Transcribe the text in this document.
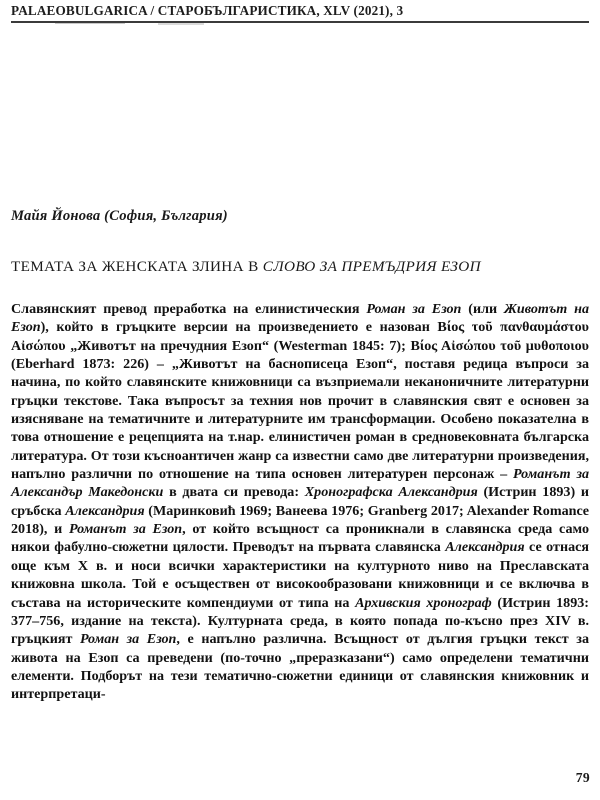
PALAEOBULGARICA / СТАРОБЪЛГАРИСТИКА, XLV (2021), 3
Майя Йонова (София, България)
ТЕМАТА ЗА ЖЕНСКАТА ЗЛИНА В СЛОВО ЗА ПРЕМЪДРИЯ ЕЗОП
Славянският превод преработка на елинистическия Роман за Езоп (или Животът на Езоп), който в гръцките версии на произведението е назован Βίος τοῦ πανθαυμάστου Αἰσώπου „Животът на пречудния Езоп“ (Westerman 1845: 7); Βίος Αἰσώπου τοῦ μυθοποιου (Eberhard 1873: 226) – „Животът на баснописеца Езоп“, поставя редица въпроси за начина, по който славянските книжовници са възприемали неканоничните литературни гръцки текстове. Така въпросът за техния нов прочит в славянския свят е основен за изясняване на тематичните и литературните им трансформации. Особено показателна в това отношение е рецепцията на т.нар. елинистичен роман в средновековната българска литература. От този късноантичен жанр са известни само две литературни произведения, напълно различни по отношение на типа основен литературен персонаж – Романът за Александър Македонски в двата си превода: Хронографска Александрия (Истрин 1893) и сръбска Александрия (Маринковић 1969; Ванеева 1976; Granberg 2017; Alexander Romance 2018), и Романът за Езоп, от който всъщност са проникнали в славянска среда само някои фабулно-сюжетни цялости. Преводът на първата славянска Александрия се отнася още към Х в. и носи всички характеристики на културното ниво на Преславската книжовна школа. Той е осъществен от високообразовани книжовници и се включва в състава на историческите компендиуми от типа на Архивския хронограф (Истрин 1893: 377–756, издание на текста). Културната среда, в която попада по-късно през XIV в. гръцкият Роман за Езоп, е напълно различна. Всъщност от дългия гръцки текст за живота на Езоп са преведени (по-точно „преразказани“) само определени тематични елементи. Подборът на тези тематично-сюжетни единици от славянския книжовник и интерпретаци-
79
